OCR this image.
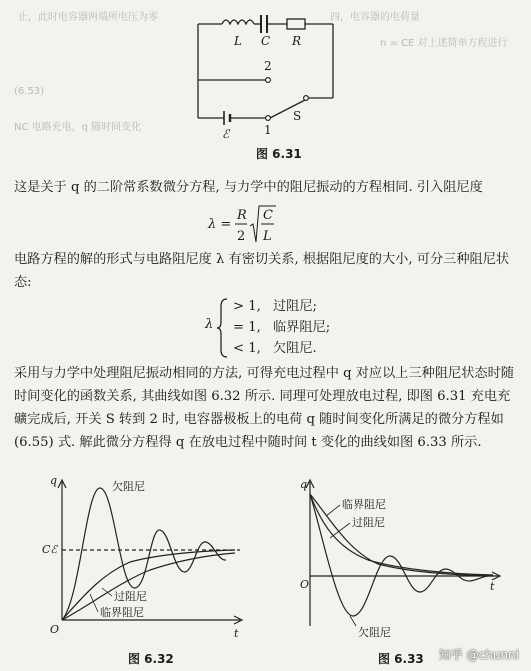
止，此时电容器两端所电压为零	四，电容器的电荷量
n = CE 对上述简单方程进行
(6.53)
NC 电路充电，q 随时间变化
L C R
ℰ
S
2
1
图 6.31
这是关于 q 的二阶常系数微分方程, 与力学中的阻尼振动的方程相同. 引入阻尼度
λ =
R
2
C
L
电路方程的解的形式与电路阻尼度 λ 有密切关系, 根据阻尼度的大小, 可分三种阻尼状态:
λ
> 1, 过阻尼;
= 1, 临界阻尼;
< 1, 欠阻尼.
采用与力学中处理阻尼振动相同的方法, 可得充电过程中 q 对应以上三种阻尼状态时随时间变化的函数关系, 其曲线如图 6.32 所示. 同理可处理放电过程, 即图 6.31 充电充礦完成后, 开关 S 转到 2 时, 电容器极板上的电荷 q 随时间变化所满足的微分方程如 (6.55) 式. 解此微分方程得 q 在放电过程中随时间 t 变化的曲线如图 6.33 所示.
q
t
O
Cℰ
欠阻尼
过阻尼
临界阻尼
图 6.32
q
t
O
临界阻尼
过阻尼
欠阻尼
图 6.33 知乎 @chunni
